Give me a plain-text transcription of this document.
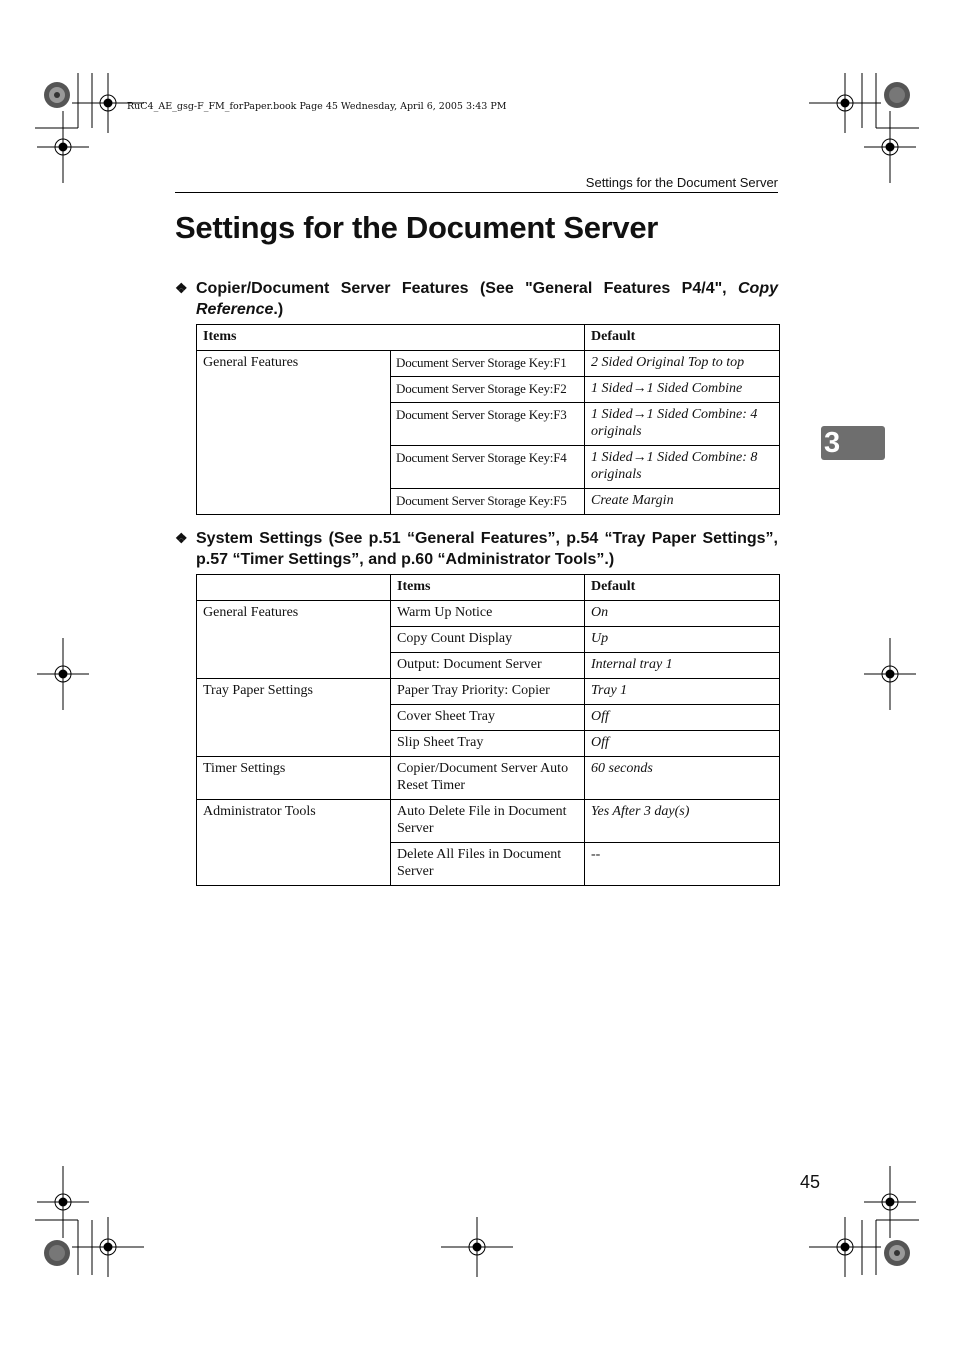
RuC4_AE_gsg-F_FM_forPaper.book Page 45 Wednesday, April 6, 2005 3:43 PM
Settings for the Document Server
Settings for the Document Server
❖ Copier/Document Server Features (See "General Features P4/4", Copy Reference.)
Items		Default
General Features	Document Server Storage Key:F1	2 Sided Original Top to top
	Document Server Storage Key:F2	1 Sided→1 Sided Combine
	Document Server Storage Key:F3	1 Sided→1 Sided Combine: 4 originals
	Document Server Storage Key:F4	1 Sided→1 Sided Combine: 8 originals
	Document Server Storage Key:F5	Create Margin
❖ System Settings (See p.51 “General Features”, p.54 “Tray Paper Settings”, p.57 “Timer Settings”, and p.60 “Administrator Tools”.)
	Items	Default
General Features	Warm Up Notice	On
	Copy Count Display	Up
	Output: Document Server	Internal tray 1
Tray Paper Settings	Paper Tray Priority: Copier	Tray 1
	Cover Sheet Tray	Off
	Slip Sheet Tray	Off
Timer Settings	Copier/Document Server Auto Reset Timer	60 seconds
Administrator Tools	Auto Delete File in Document Server	Yes After 3 day(s)
	Delete All Files in Document Server	--
3
45
